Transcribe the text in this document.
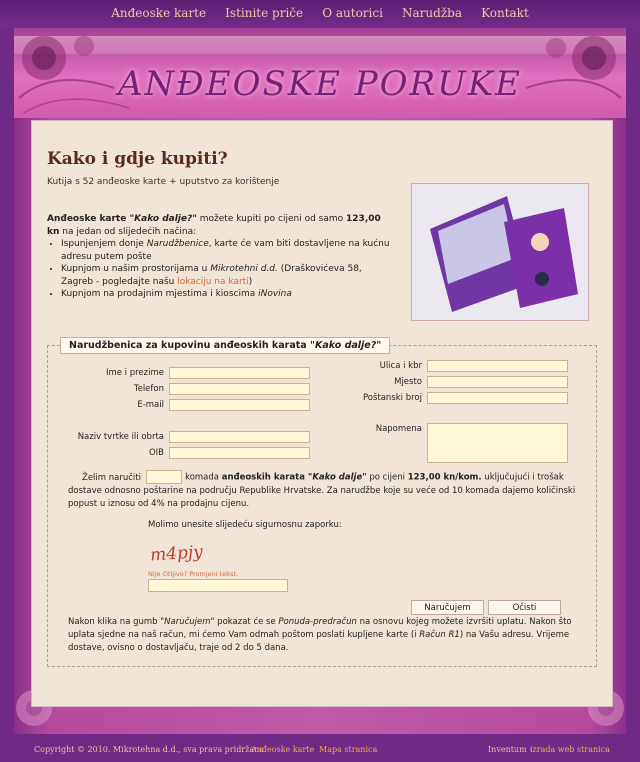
Anđeoske karte Istinite priče O autorici Narudžba Kontakt
ANĐEOSKE PORUKE
Kako i gdje kupiti?
Kutija s 52 anđeoske karte + uputstvo za korištenje
Anđeoske karte "Kako dalje?" možete kupiti po cijeni od samo 123,00 kn na jedan od slijedećih načina:
• Ispunjenjem donje Narudžbenice, karte će vam biti dostavljene na kućnu adresu putem pošte
• Kupnjom u našim prostorijama u Mikrotehni d.d. (Draškovićeva 58, Zagreb - pogledajte našu lokaciju na karti)
• Kupnjom na prodajnim mjestima i kioscima iNovina
Narudžbenica za kupovinu anđeoskih karata "Kako dalje?"
Ime i prezime
Telefon
E-mail
Naziv tvrtke ili obrta
OIB
Ulica i kbr
Mjesto
Poštanski broj
Napomena
Želim naručiti	komada anđeoskih karata "Kako dalje" po cijeni 123,00 kn/kom. uključujući i trošak dostave odnosno poštarine na području Republike Hrvatske. Za narudžbe koje su veće od 10 komada dajemo količinski popust u iznosu od 4% na prodajnu cijenu.
Molimo unesite slijedeću sigurnosnu zaporku:
m4pjy
Nije čitljivo? Promjeni tekst.
Naručujem	Očisti
Nakon klika na gumb "Naručujem" pokazat će se Ponuda-predračun na osnovu kojeg možete izvršiti uplatu. Nakon što uplata sjedne na naš račun, mi ćemo Vam odmah poštom poslati kupljene karte (i Račun R1) na Vašu adresu. Vrijeme dostave, ovisno o dostavljaču, traje od 2 do 5 dana.
Copyright © 2010. Mikrotehna d.d., sva prava pridržana
Anđeoske karte Mapa stranica	Inventum -
izrada web stranica
